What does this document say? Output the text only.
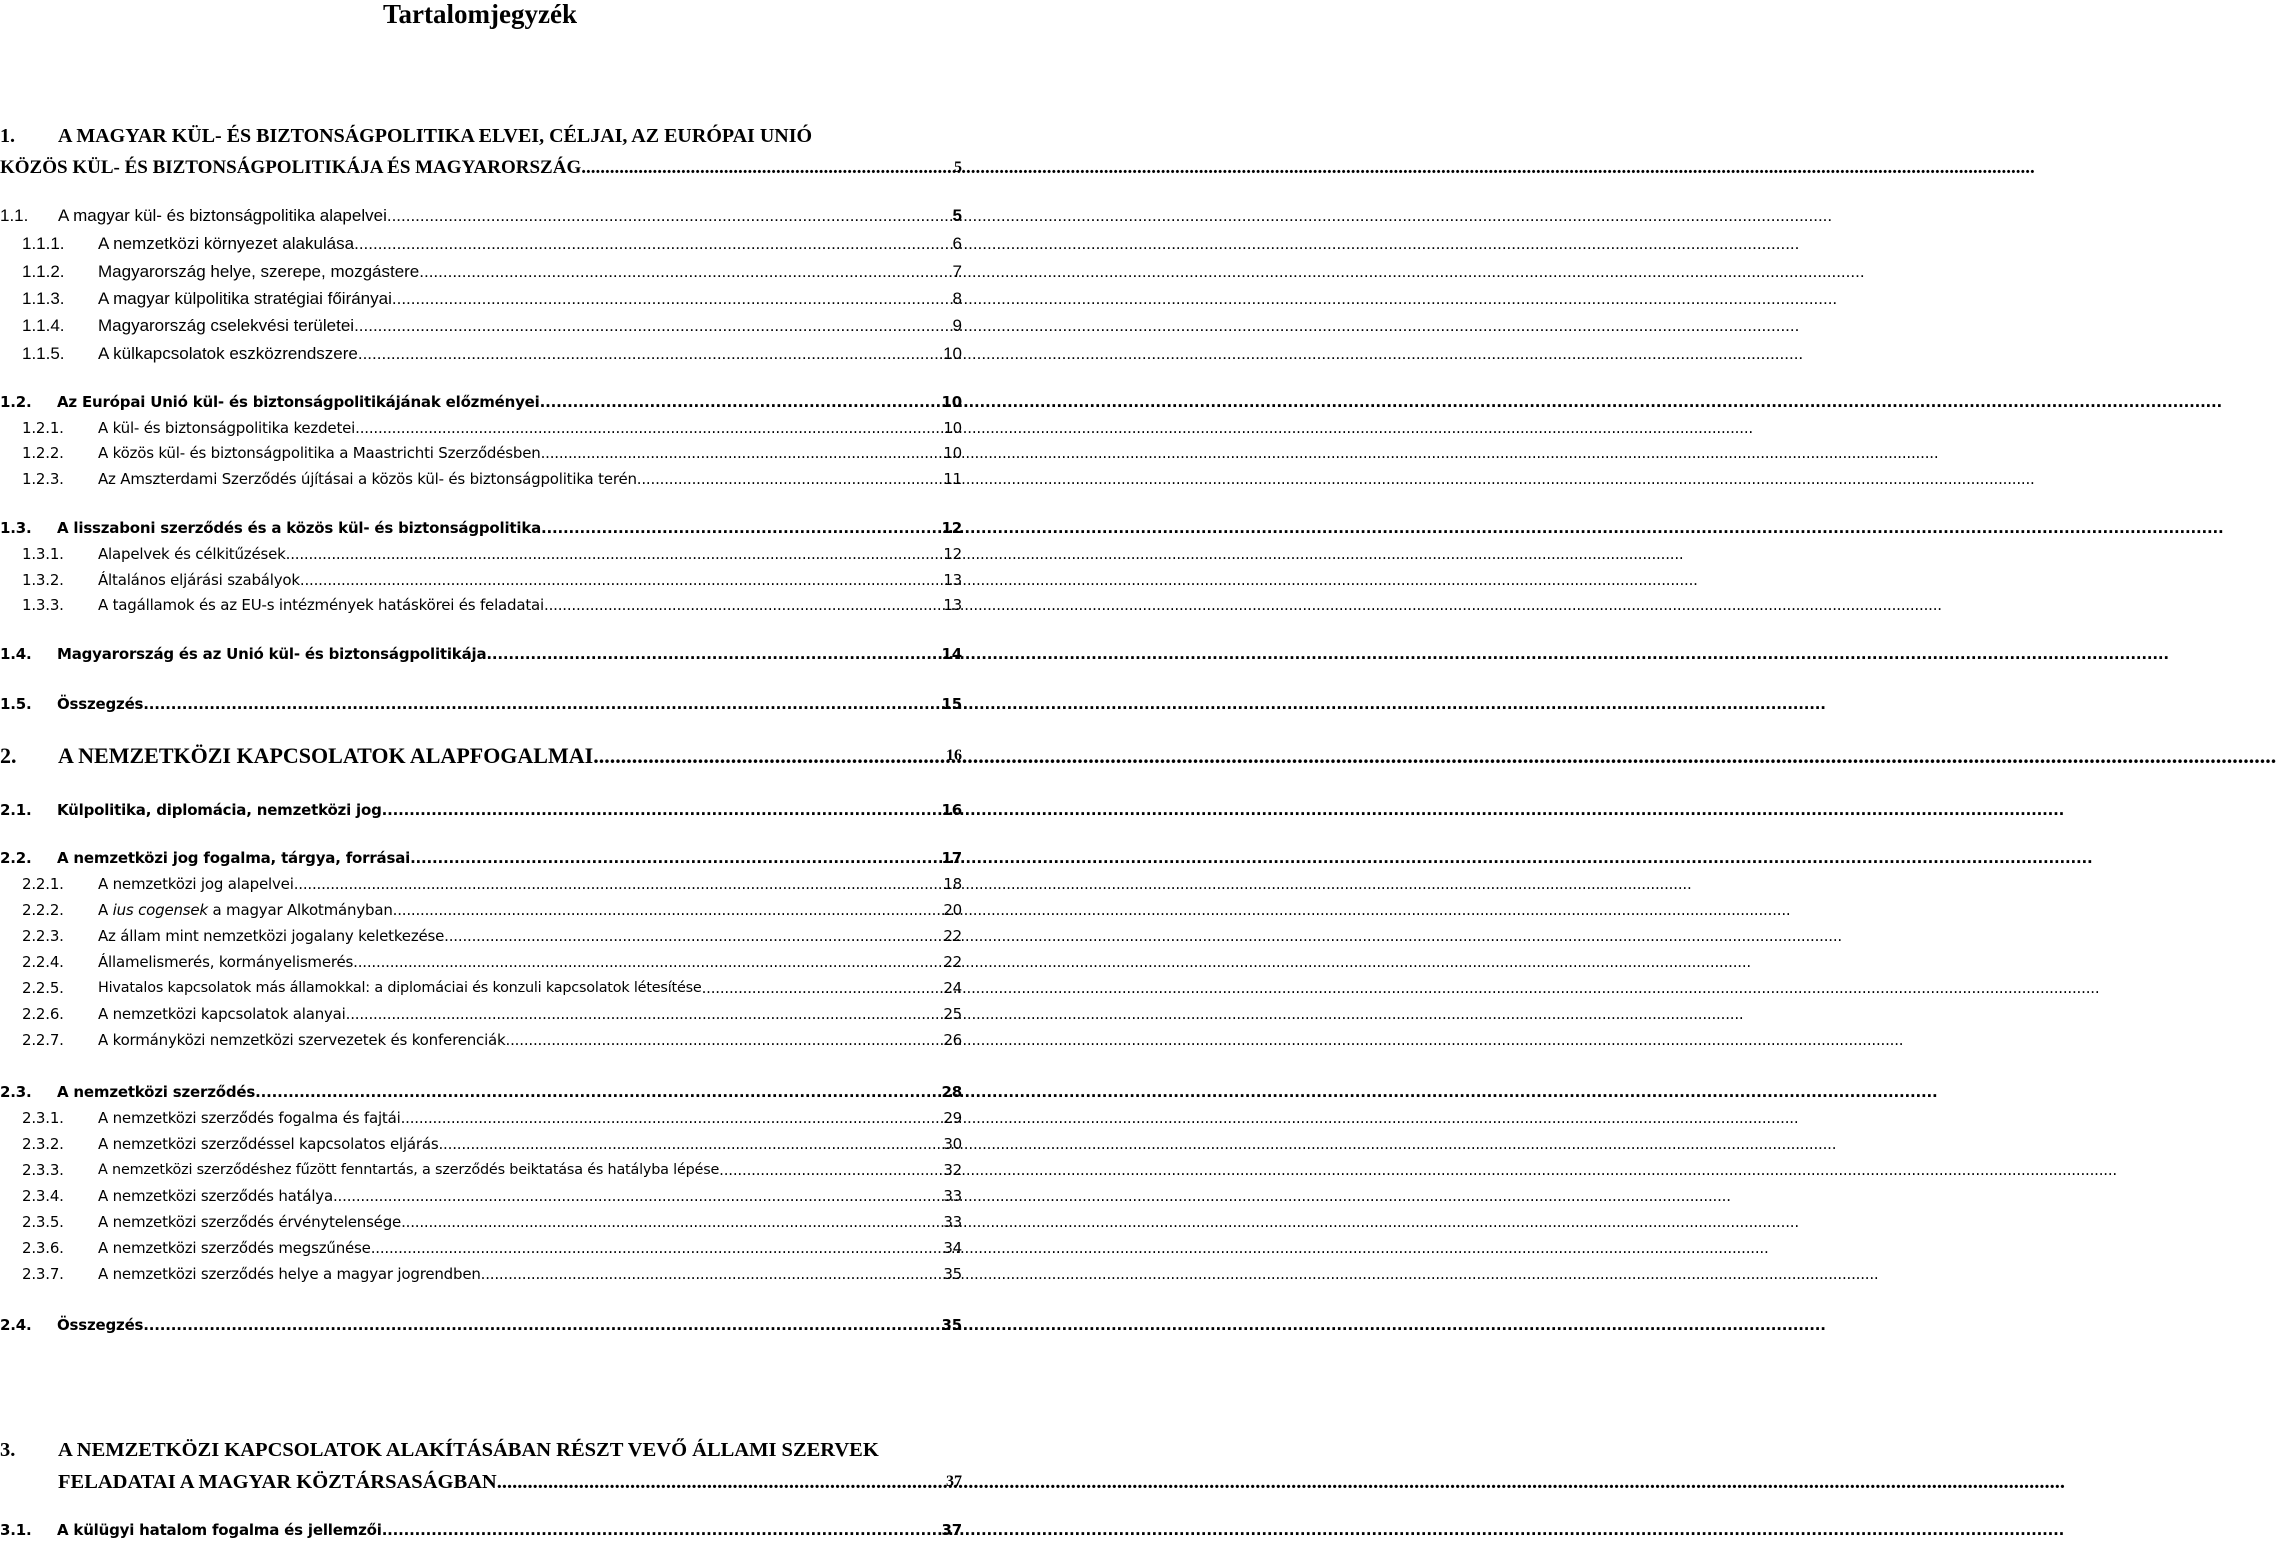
Tartalomjegyzék
1.	A MAGYAR KÜL- ÉS BIZTONSÁGPOLITIKA ELVEI, CÉLJAI, AZ EURÓPAI UNIÓ
KÖZÖS KÜL- ÉS BIZTONSÁGPOLITIKÁJA ÉS MAGYARORSZÁG .....	5
1.1.	A magyar kül- és biztonságpolitika alapelvei .....	5
1.1.1.	A nemzetközi környezet alakulása .....	6
1.1.2.	Magyarország helye, szerepe, mozgástere .....	7
1.1.3.	A magyar külpolitika stratégiai főirányai .....	8
1.1.4.	Magyarország cselekvési területei .....	9
1.1.5.	A külkapcsolatok eszközrendszere .....	10
1.2.	Az Európai Unió kül- és biztonságpolitikájának előzményei .....	10
1.2.1.	A kül- és biztonságpolitika kezdetei .....	10
1.2.2.	A közös kül- és biztonságpolitika a Maastrichti Szerződésben .....	10
1.2.3.	Az Amszterdami Szerződés újításai a közös kül- és biztonságpolitika terén .....	11
1.3.	A lisszaboni szerződés és a közös kül- és biztonságpolitika .....	12
1.3.1.	Alapelvek és célkitűzések .....	12
1.3.2.	Általános eljárási szabályok .....	13
1.3.3.	A tagállamok és az EU-s intézmények hatáskörei és feladatai .....	13
1.4.	Magyarország és az Unió kül- és biztonságpolitikája .....	14
1.5.	Összegzés .....	15
2.	A NEMZETKÖZI KAPCSOLATOK ALAPFOGALMAI .....	16
2.1.	Külpolitika, diplomácia, nemzetközi jog .....	16
2.2.	A nemzetközi jog fogalma, tárgya, forrásai .....	17
2.2.1.	A nemzetközi jog alapelvei .....	18
2.2.2.	A ius cogensek a magyar Alkotmányban .....	20
2.2.3.	Az állam mint nemzetközi jogalany keletkezése .....	22
2.2.4.	Államelismerés, kormányelismerés .....	22
2.2.5.	Hivatalos kapcsolatok más államokkal: a diplomáciai és konzuli kapcsolatok létesítése .....	24
2.2.6.	A nemzetközi kapcsolatok alanyai .....	25
2.2.7.	A kormányközi nemzetközi szervezetek és konferenciák .....	26
2.3.	A nemzetközi szerződés .....	28
2.3.1.	A nemzetközi szerződés fogalma és fajtái .....	29
2.3.2.	A nemzetközi szerződéssel kapcsolatos eljárás .....	30
2.3.3.	A nemzetközi szerződéshez fűzött fenntartás, a szerződés beiktatása és hatályba lépése .....	32
2.3.4.	A nemzetközi szerződés hatálya .....	33
2.3.5.	A nemzetközi szerződés érvénytelensége .....	33
2.3.6.	A nemzetközi szerződés megszűnése .....	34
2.3.7.	A nemzetközi szerződés helye a magyar jogrendben .....	35
2.4.	Összegzés .....	35
3.	A NEMZETKÖZI KAPCSOLATOK ALAKÍTÁSÁBAN RÉSZT VEVŐ ÁLLAMI SZERVEK
FELADATAI A MAGYAR KÖZTÁRSASÁGBAN .....	37
3.1.	A külügyi hatalom fogalma és jellemzői .....	37
